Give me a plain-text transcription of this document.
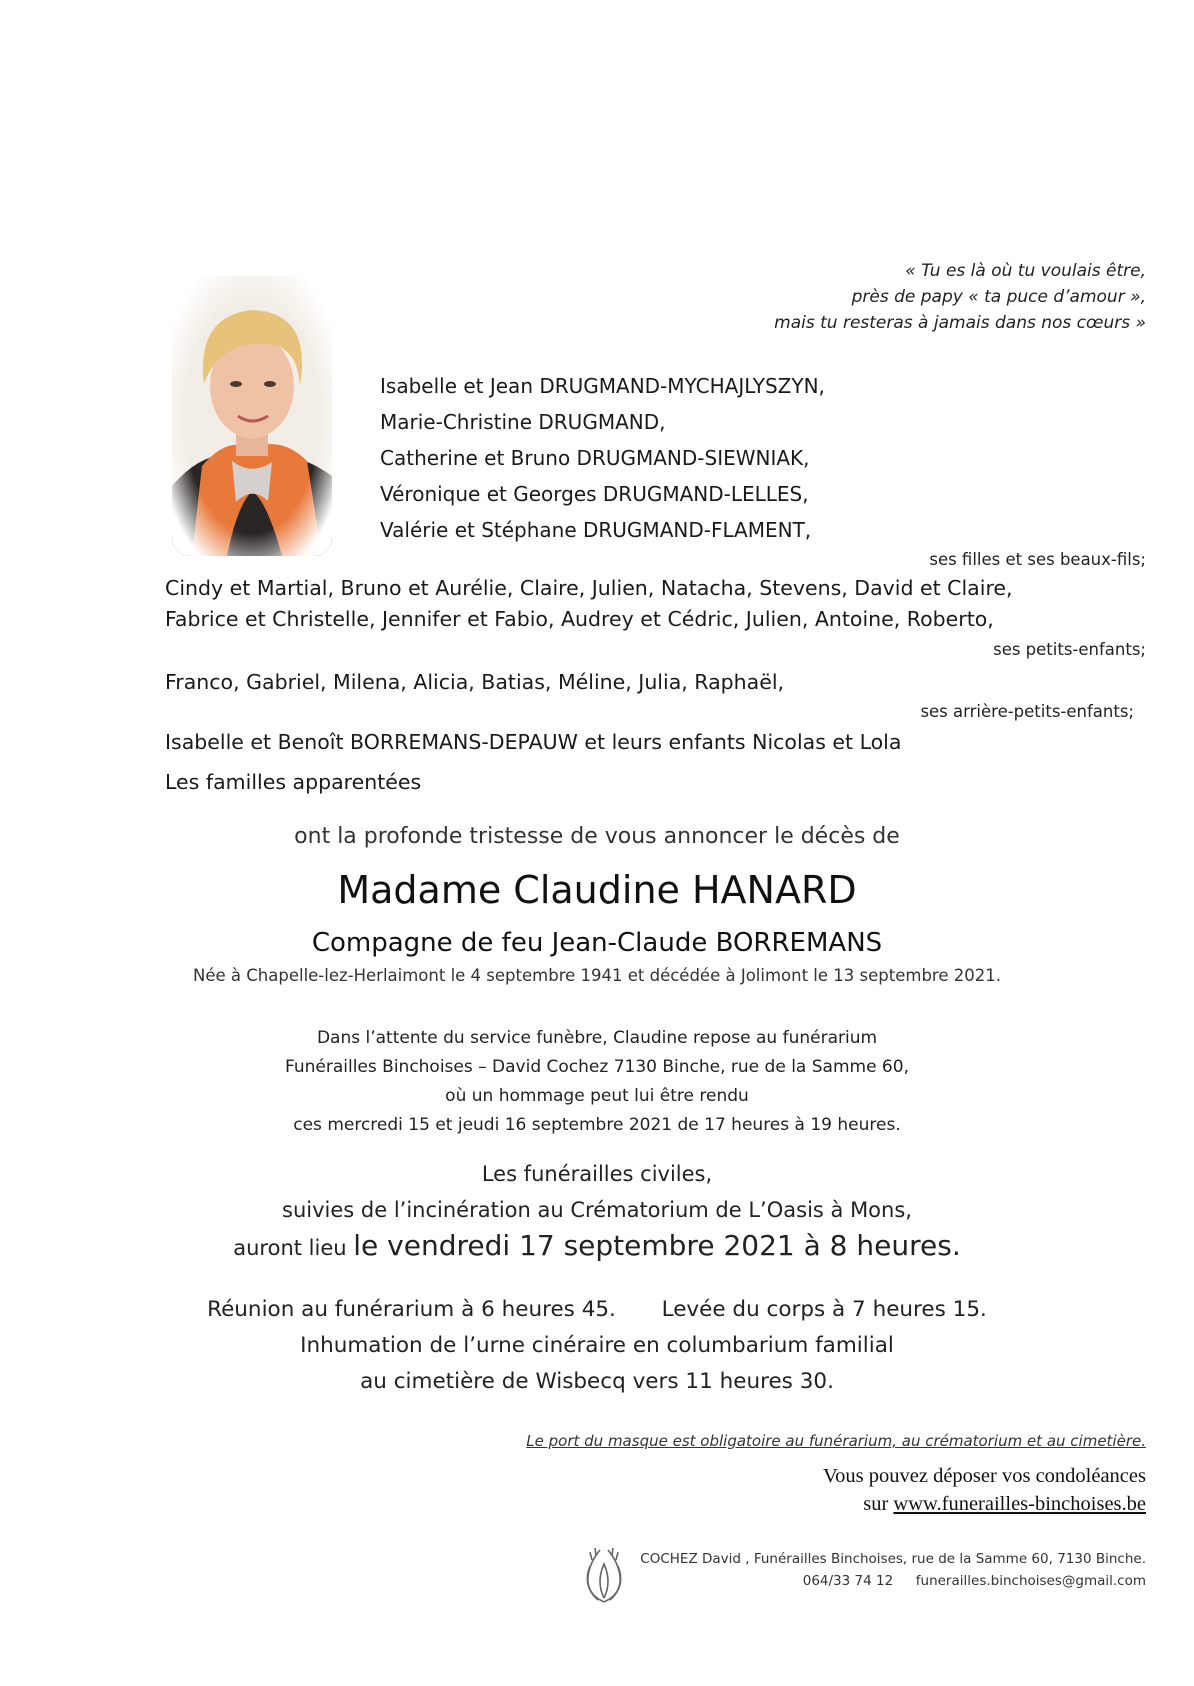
« Tu es là où tu voulais être,
près de papy « ta puce d’amour »,
mais tu resteras à jamais dans nos cœurs »
Isabelle et Jean DRUGMAND-MYCHAJLYSZYN,
Marie-Christine DRUGMAND,
Catherine et Bruno DRUGMAND-SIEWNIAK,
Véronique et Georges DRUGMAND-LELLES,
Valérie et Stéphane DRUGMAND-FLAMENT,
ses filles et ses beaux-fils;
Cindy et Martial, Bruno et Aurélie, Claire, Julien, Natacha, Stevens, David et Claire,
Fabrice et Christelle, Jennifer et Fabio, Audrey et Cédric, Julien, Antoine, Roberto,
ses petits-enfants;
Franco, Gabriel, Milena, Alicia, Batias, Méline, Julia, Raphaël,
ses arrière-petits-enfants;
Isabelle et Benoît BORREMANS-DEPAUW et leurs enfants Nicolas et Lola
Les familles apparentées
ont la profonde tristesse de vous annoncer le décès de
Madame Claudine HANARD
Compagne de feu Jean-Claude BORREMANS
Née à Chapelle-lez-Herlaimont le 4 septembre 1941 et décédée à Jolimont le 13 septembre 2021.
Dans l’attente du service funèbre, Claudine repose au funérarium
Funérailles Binchoises – David Cochez 7130 Binche, rue de la Samme 60,
où un hommage peut lui être rendu
ces mercredi 15 et jeudi 16 septembre 2021 de 17 heures à 19 heures.
Les funérailles civiles,
suivies de l’incinération au Crématorium de L’Oasis à Mons,
auront lieu le vendredi 17 septembre 2021 à 8 heures.
Réunion au funérarium à 6 heures 45. Levée du corps à 7 heures 15.
Inhumation de l’urne cinéraire en columbarium familial
au cimetière de Wisbecq vers 11 heures 30.
Le port du masque est obligatoire au funérarium, au crématorium et au cimetière.
Vous pouvez déposer vos condoléances
sur www.funerailles-binchoises.be
COCHEZ David , Funérailles Binchoises, rue de la Samme 60, 7130 Binche.
064/33 74 12 funerailles.binchoises@gmail.com
